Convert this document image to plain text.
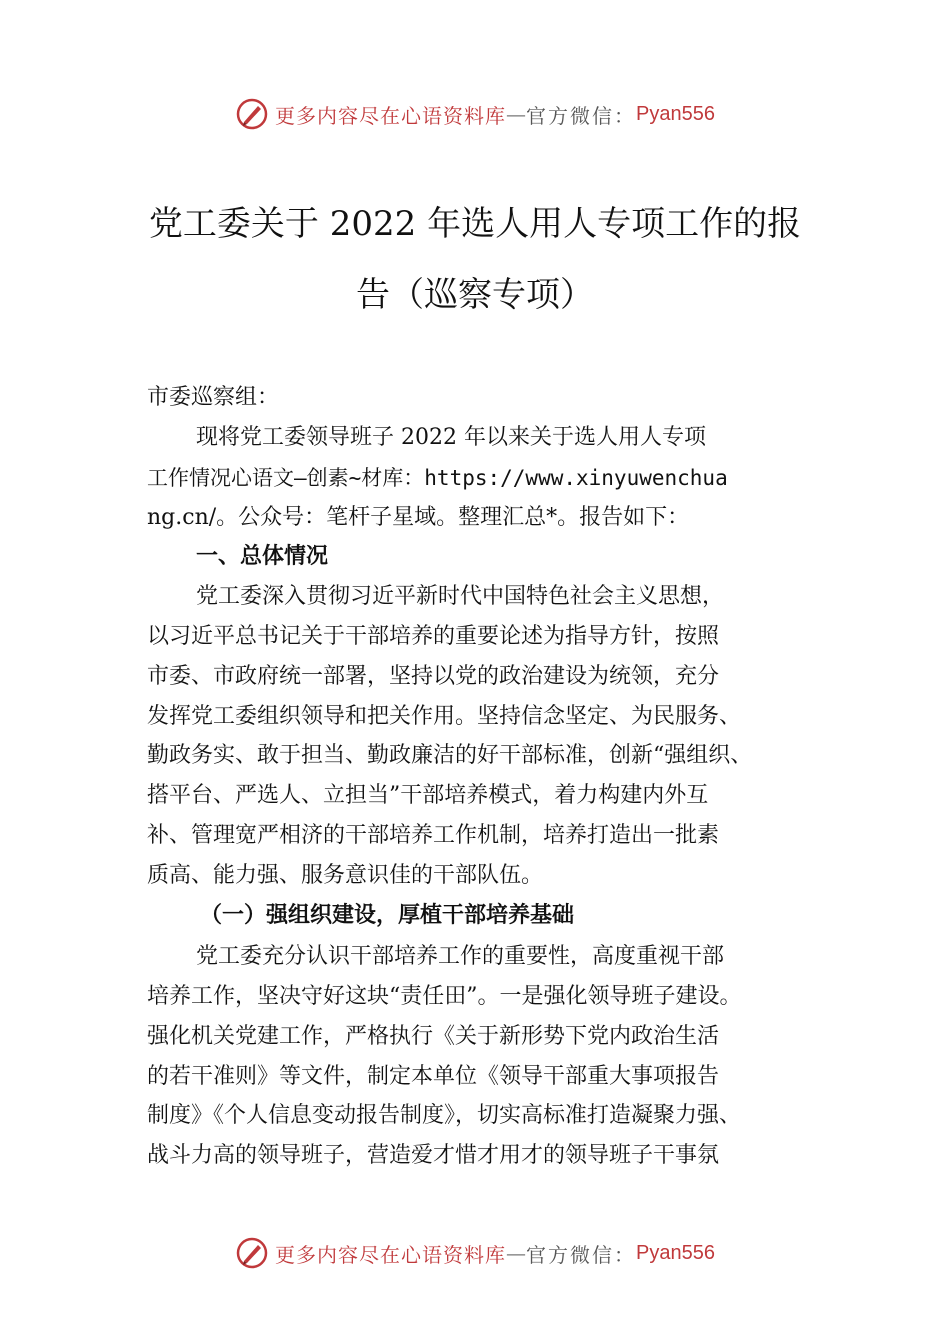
更多内容尽在心语资料库 — 官方微信： Pyan556
党工委关于 2022 年选人用人专项工作的报
告（巡察专项）
市委巡察组：
现将党工委领导班子 2022 年以来关于选人用人专项
工作情况心语文—创素~材库：https://www.xinyuwenchua
ng.cn/。公众号：笔杆子星域。整理汇总*。报告如下：
一、总体情况
党工委深入贯彻习近平新时代中国特色社会主义思想，
以习近平总书记关于干部培养的重要论述为指导方针，按照
市委、市政府统一部署，坚持以党的政治建设为统领，充分
发挥党工委组织领导和把关作用。坚持信念坚定、为民服务、
勤政务实、敢于担当、勤政廉洁的好干部标准，创新“强组织、
搭平台、严选人、立担当”干部培养模式，着力构建内外互
补、管理宽严相济的干部培养工作机制，培养打造出一批素
质高、能力强、服务意识佳的干部队伍。
（一）强组织建设，厚植干部培养基础
党工委充分认识干部培养工作的重要性，高度重视干部
培养工作，坚决守好这块“责任田”。一是强化领导班子建设。
强化机关党建工作，严格执行《关于新形势下党内政治生活
的若干准则》等文件，制定本单位《领导干部重大事项报告
制度》《个人信息变动报告制度》，切实高标准打造凝聚力强、
战斗力高的领导班子，营造爱才惜才用才的领导班子干事氛
更多内容尽在心语资料库 — 官方微信： Pyan556
